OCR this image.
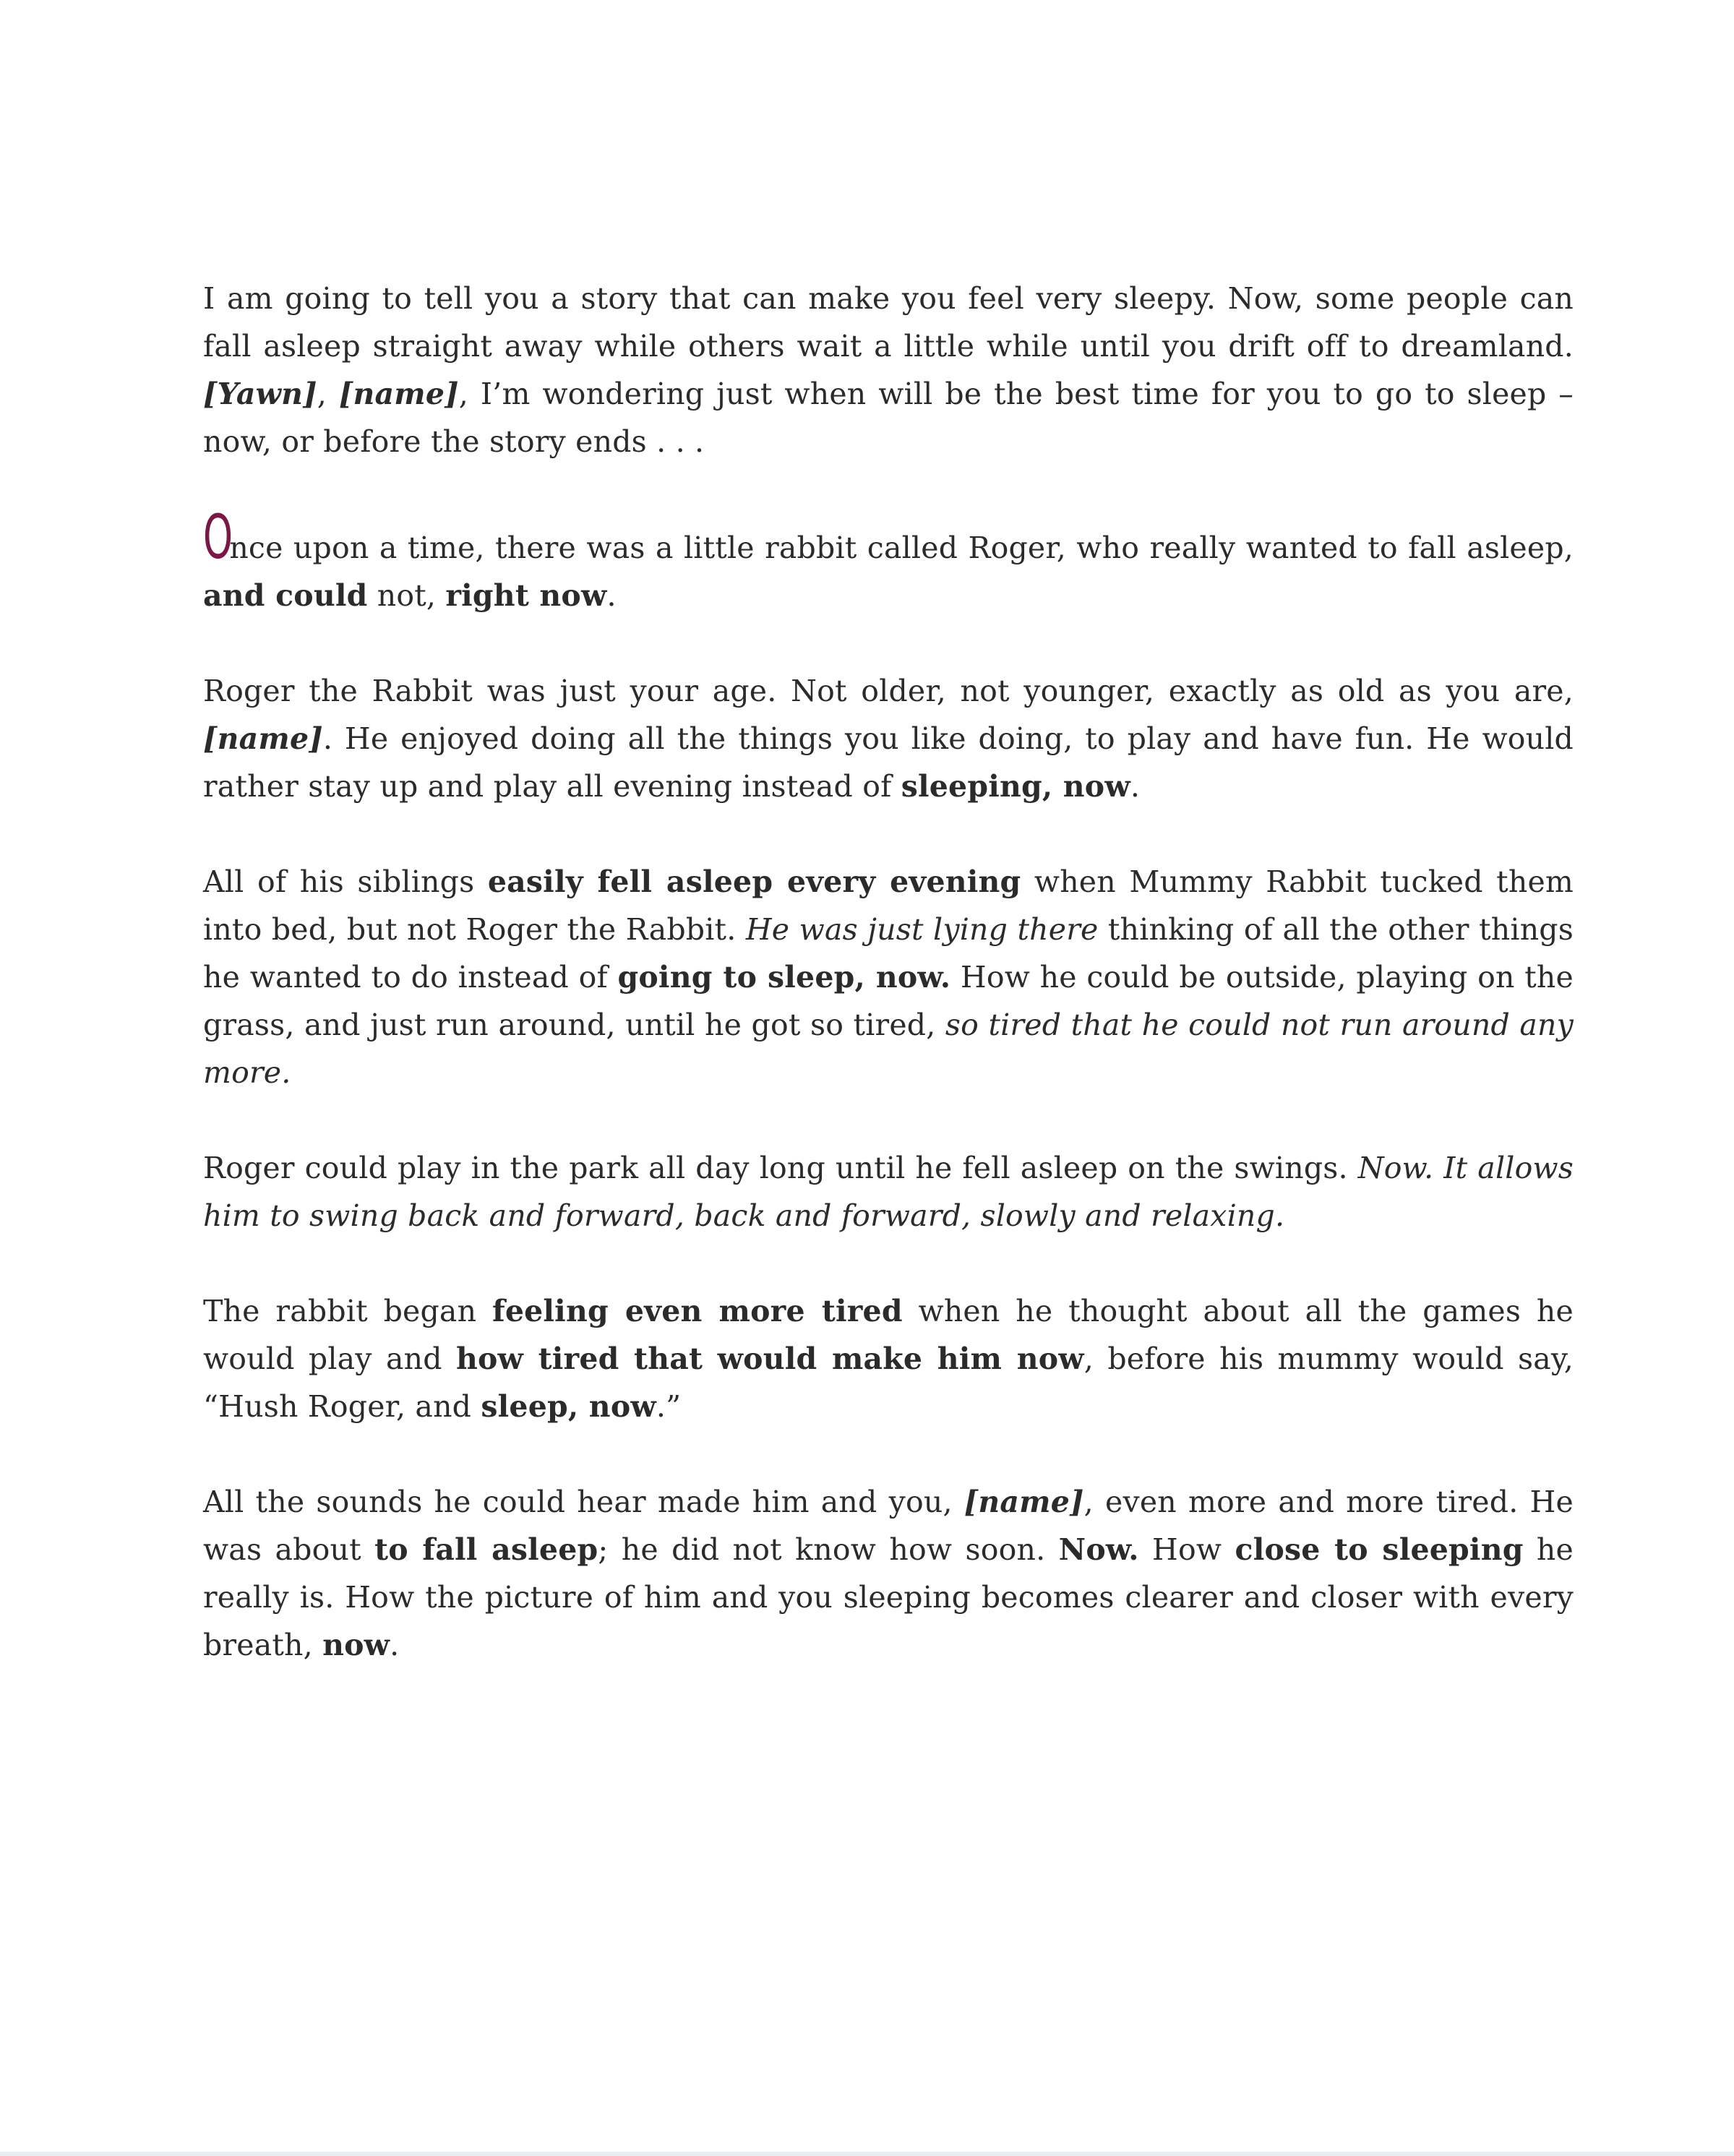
I am going to tell you a story that can make you feel very sleepy. Now, some people can fall asleep straight away while others wait a little while until you drift off to dreamland. [Yawn], [name], I’m wondering just when will be the best time for you to go to sleep – now, or before the story ends . . .

Once upon a time, there was a little rabbit called Roger, who really wanted to fall asleep, and could not, right now.

Roger the Rabbit was just your age. Not older, not younger, exactly as old as you are, [name]. He enjoyed doing all the things you like doing, to play and have fun. He would rather stay up and play all evening instead of sleeping, now.

All of his siblings easily fell asleep every evening when Mummy Rabbit tucked them into bed, but not Roger the Rabbit. He was just lying there thinking of all the other things he wanted to do instead of going to sleep, now. How he could be outside, playing on the grass, and just run around, until he got so tired, so tired that he could not run around any more.

Roger could play in the park all day long until he fell asleep on the swings. Now. It allows him to swing back and forward, back and forward, slowly and relaxing.

The rabbit began feeling even more tired when he thought about all the games he would play and how tired that would make him now, before his mummy would say, “Hush Roger, and sleep, now.”

All the sounds he could hear made him and you, [name], even more and more tired. He was about to fall asleep; he did not know how soon. Now. How close to sleeping he really is. How the picture of him and you sleeping becomes clearer and closer with every breath, now.
